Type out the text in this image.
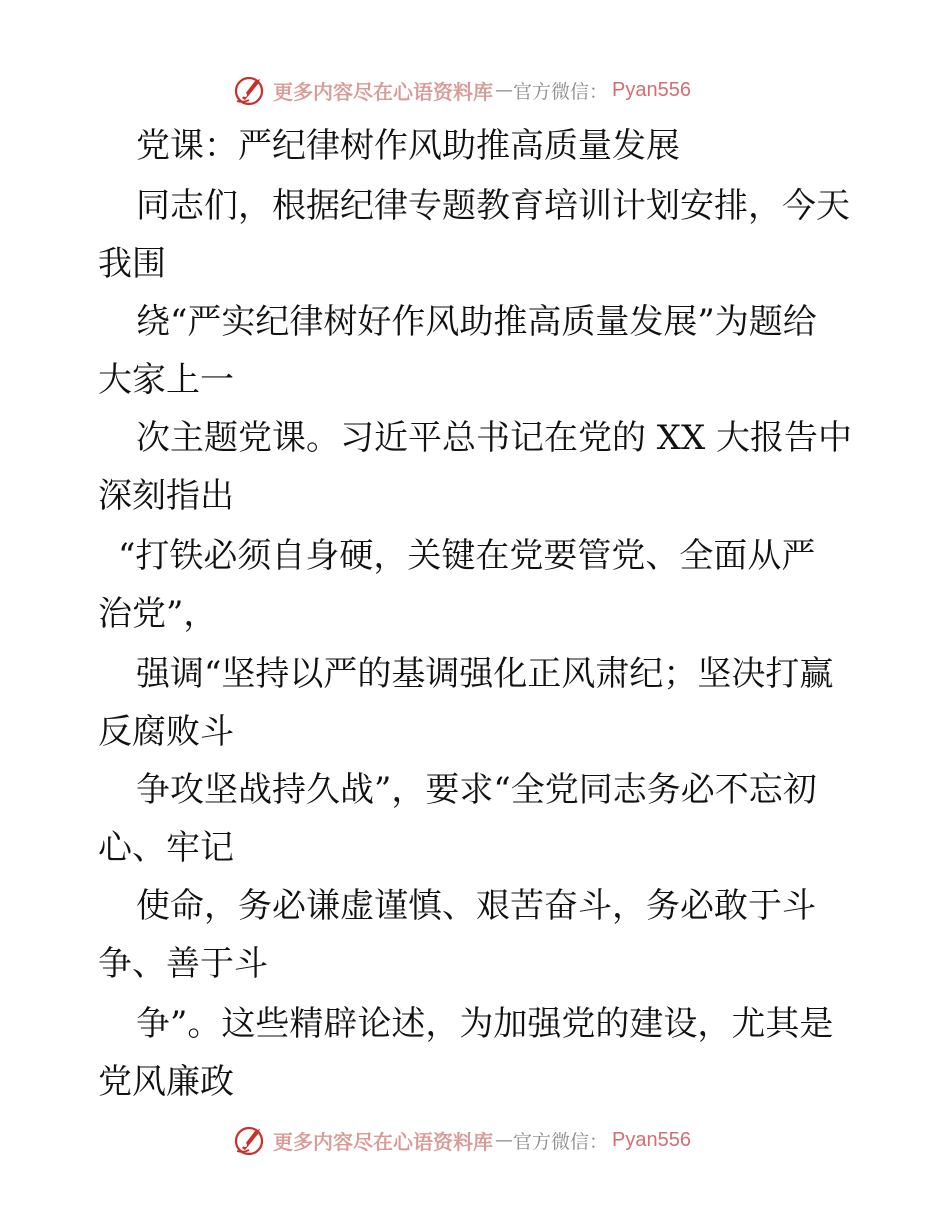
更多内容尽在心语资料库 — 官方微信： Pyan556
党课：严纪律树作风助推高质量发展
同志们，根据纪律专题教育培训计划安排，今天
我围
绕“严实纪律树好作风助推高质量发展”为题给
大家上一
次主题党课。习近平总书记在党的 XX 大报告中
深刻指出
“打铁必须自身硬，关键在党要管党、全面从严
治党”，
强调“坚持以严的基调强化正风肃纪；坚决打赢
反腐败斗
争攻坚战持久战”，要求“全党同志务必不忘初
心、牢记
使命，务必谦虚谨慎、艰苦奋斗，务必敢于斗
争、善于斗
争”。这些精辟论述，为加强党的建设，尤其是
党风廉政
更多内容尽在心语资料库 — 官方微信： Pyan556
